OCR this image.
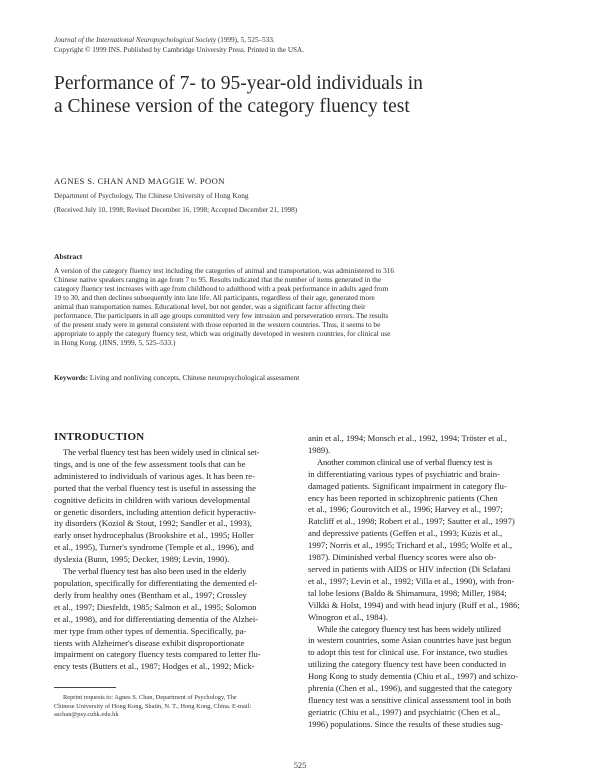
Journal of the International Neuropsychological Society (1999), 5, 525–533.
Copyright © 1999 INS. Published by Cambridge University Press. Printed in the USA.
Performance of 7- to 95-year-old individuals in
a Chinese version of the category fluency test
AGNES S. CHAN AND MAGGIE W. POON
Department of Psychology, The Chinese University of Hong Kong
(Received July 10, 1998; Revised December 16, 1998; Accepted December 21, 1998)
Abstract
A version of the category fluency test including the categories of animal and transportation, was administered to 316
Chinese native speakers ranging in age from 7 to 95. Results indicated that the number of items generated in the
category fluency test increases with age from childhood to adulthood with a peak performance in adults aged from
19 to 30, and then declines subsequently into late life. All participants, regardless of their age, generated more
animal than transportation names. Educational level, but not gender, was a significant factor affecting their
performance. The participants in all age groups committed very few intrusion and perseveration errors. The results
of the present study were in general consistent with those reported in the western countries. Thus, it seems to be
appropriate to apply the category fluency test, which was originally developed in western countries, for clinical use
in Hong Kong. (JINS, 1999, 5, 525–533.)
Keywords: Living and nonliving concepts, Chinese neuropsychological assessment
INTRODUCTION
The verbal fluency test has been widely used in clinical set-
tings, and is one of the few assessment tools that can be
administered to individuals of various ages. It has been re-
ported that the verbal fluency test is useful in assessing the
cognitive deficits in children with various developmental
or genetic disorders, including attention deficit hyperactiv-
ity disorders (Koziol & Stout, 1992; Sandler et al., 1993),
early onset hydrocephalus (Brookshire et al., 1995; Holler
et al., 1995), Turner's syndrome (Temple et al., 1996), and
dyslexia (Bunn, 1995; Decker, 1989; Levin, 1990).
The verbal fluency test has also been used in the elderly
population, specifically for differentiating the demented el-
derly from healthy ones (Bentham et al., 1997; Crossley
et al., 1997; Diesfeldt, 1985; Salmon et al., 1995; Solomon
et al., 1998), and for differentiating dementia of the Alzhei-
mer type from other types of dementia. Specifically, pa-
tients with Alzheimer's disease exhibit disproportionate
impairment on category fluency tests compared to letter flu-
ency tests (Butters et al., 1987; Hodges et al., 1992; Mick-
anin et al., 1994; Monsch et al., 1992, 1994; Tröster et al.,
1989).
Another common clinical use of verbal fluency test is
in differentiating various types of psychiatric and brain-
damaged patients. Significant impairment in category flu-
ency has been reported in schizophrenic patients (Chen
et al., 1996; Gourovitch et al., 1996; Harvey et al., 1997;
Ratcliff et al., 1998; Robert et al., 1997; Sautter et al., 1997)
and depressive patients (Geffen et al., 1993; Kuzis et al.,
1997; Norris et al., 1995; Trichard et al., 1995; Wolfe et al.,
1987). Diminished verbal fluency scores were also ob-
served in patients with AIDS or HIV infection (Di Sclafani
et al., 1997; Levin et al., 1992; Villa et al., 1990), with fron-
tal lobe lesions (Baldo & Shimamura, 1998; Miller, 1984;
Vilkki & Holst, 1994) and with head injury (Ruff et al., 1986;
Winogron et al., 1984).
While the category fluency test has been widely utilized
in western countries, some Asian countries have just begun
to adopt this test for clinical use. For instance, two studies
utilizing the category fluency test have been conducted in
Hong Kong to study dementia (Chiu et al., 1997) and schizo-
phrenia (Chen et al., 1996), and suggested that the category
fluency test was a sensitive clinical assessment tool in both
geriatric (Chiu et al., 1997) and psychiatric (Chen et al.,
1996) populations. Since the results of these studies sug-
Reprint requests to: Agnes S. Chan, Department of Psychology, The
Chinese University of Hong Kong, Shatin, N. T., Hong Kong, China. E-mail:
aschan@psy.cuhk.edu.hk
525
